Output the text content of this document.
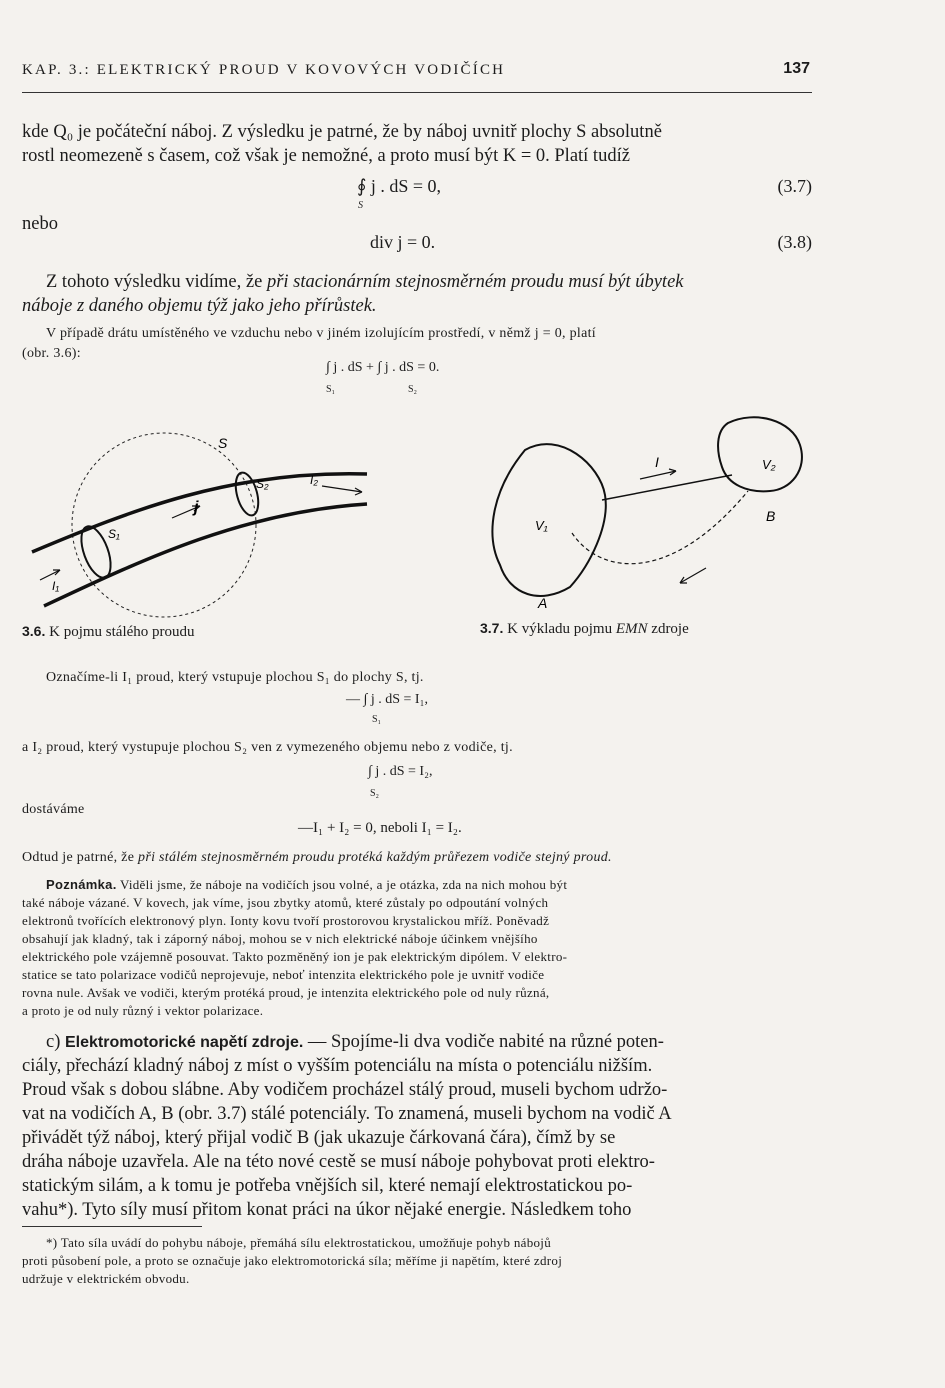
KAP. 3.: ELEKTRICKÝ PROUD V KOVOVÝCH VODIČÍCH	137
kde Q₀ je počáteční náboj. Z výsledku je patrné, že by náboj uvnitř plochy S absolutně
rostl neomezeně s časem, což však je nemožné, a proto musí být K = 0. Platí tudíž
∮ j . dS = 0,
S
(3.7)
nebo
div j = 0.	(3.8)
Z tohoto výsledku vidíme, že při stacionárním stejnosměrném proudu musí být úbytek
náboje z daného objemu týž jako jeho přírůstek.
V případě drátu umístěného ve vzduchu nebo v jiném izolujícím prostředí, v němž j = 0, platí
(obr. 3.6):
∫ j . dS + ∫ j . dS = 0.
S₁	S₂
S
S₁
S₂
j
I₁
I₂
3.6. K pojmu stálého proudu
V₁
V₂
I
A
B
3.7. K výkladu pojmu EMN zdroje
Označíme-li I₁ proud, který vstupuje plochou S₁ do plochy S, tj.
— ∫ j . dS = I₁,
S₁
a I₂ proud, který vystupuje plochou S₂ ven z vymezeného objemu nebo z vodiče, tj.
∫ j . dS = I₂,
S₂
dostáváme
—I₁ + I₂ = 0, neboli I₁ = I₂.
Odtud je patrné, že při stálém stejnosměrném proudu protéká každým průřezem vodiče stejný proud.
Poznámka. Viděli jsme, že náboje na vodičích jsou volné, a je otázka, zda na nich mohou být
také náboje vázané. V kovech, jak víme, jsou zbytky atomů, které zůstaly po odpoutání volných
elektronů tvořících elektronový plyn. Ionty kovu tvoří prostorovou krystalickou mříž. Poněvadž
obsahují jak kladný, tak i záporný náboj, mohou se v nich elektrické náboje účinkem vnějšího
elektrického pole vzájemně posouvat. Takto pozměněný ion je pak elektrickým dipólem. V elektro-
statice se tato polarizace vodičů neprojevuje, neboť intenzita elektrického pole je uvnitř vodiče
rovna nule. Avšak ve vodiči, kterým protéká proud, je intenzita elektrického pole od nuly různá,
a proto je od nuly různý i vektor polarizace.
c) Elektromotorické napětí zdroje. — Spojíme-li dva vodiče nabité na různé poten-
ciály, přechází kladný náboj z míst o vyšším potenciálu na místa o potenciálu nižším.
Proud však s dobou slábne. Aby vodičem procházel stálý proud, museli bychom udržo-
vat na vodičích A, B (obr. 3.7) stálé potenciály. To znamená, museli bychom na vodič A
přivádět týž náboj, který přijal vodič B (jak ukazuje čárkovaná čára), čímž by se
dráha náboje uzavřela. Ale na této nové cestě se musí náboje pohybovat proti elektro-
statickým silám, a k tomu je potřeba vnějších sil, které nemají elektrostatickou po-
vahu*). Tyto síly musí přitom konat práci na úkor nějaké energie. Následkem toho
*) Tato síla uvádí do pohybu náboje, přemáhá sílu elektrostatickou, umožňuje pohyb nábojů
proti působení pole, a proto se označuje jako elektromotorická síla; měříme ji napětím, které zdroj
udržuje v elektrickém obvodu.
